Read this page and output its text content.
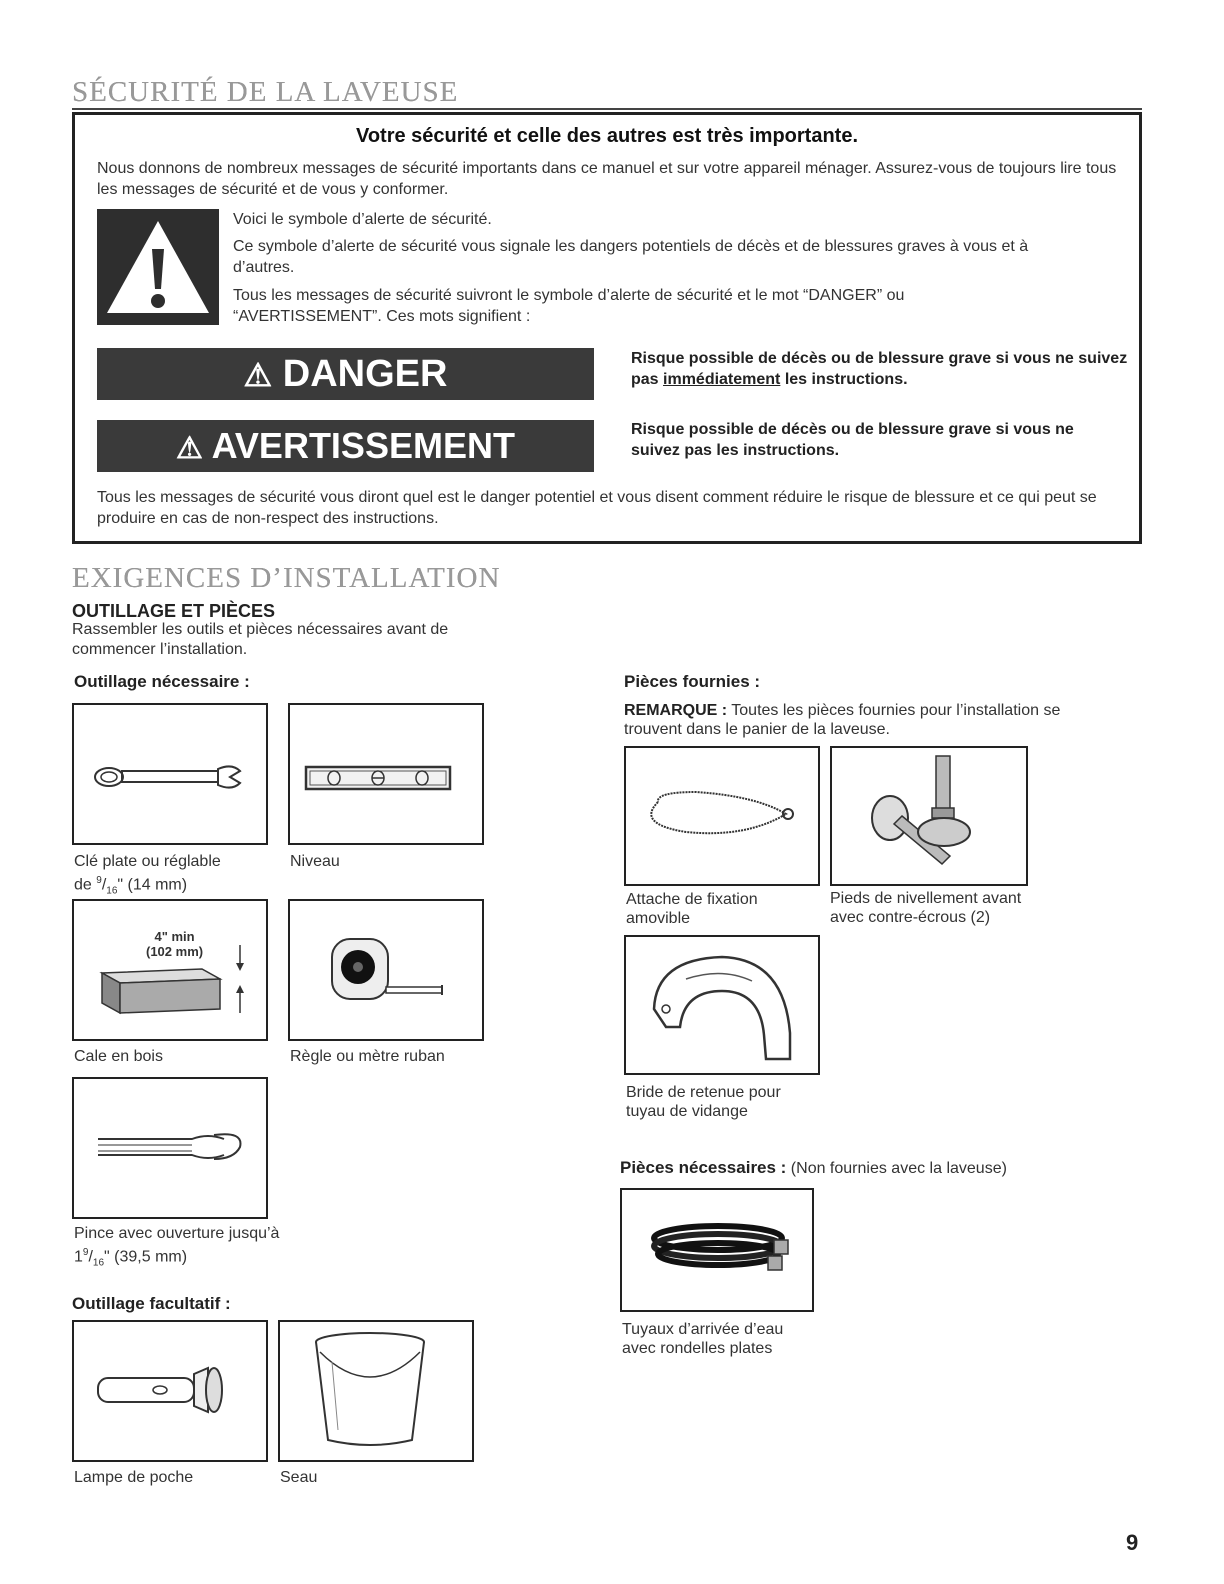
SÉCURITÉ DE LA LAVEUSE
Votre sécurité et celle des autres est très importante.
Nous donnons de nombreux messages de sécurité importants dans ce manuel et sur votre appareil ménager. Assurez-vous de toujours lire tous les messages de sécurité et de vous y conformer.
Voici le symbole d’alerte de sécurité.
Ce symbole d’alerte de sécurité vous signale les dangers potentiels de décès et de blessures graves à vous et à d’autres.
Tous les messages de sécurité suivront le symbole d’alerte de sécurité et le mot “DANGER” ou “AVERTISSEMENT”. Ces mots signifient :
⚠ DANGER	Risque possible de décès ou de blessure grave si vous ne suivez pas immédiatement les instructions.
⚠ AVERTISSEMENT	Risque possible de décès ou de blessure grave si vous ne suivez pas les instructions.
Tous les messages de sécurité vous diront quel est le danger potentiel et vous disent comment réduire le risque de blessure et ce qui peut se produire en cas de non-respect des instructions.
EXIGENCES D’INSTALLATION
OUTILLAGE ET PIÈCES
Rassembler les outils et pièces nécessaires avant de commencer l’installation.
Outillage nécessaire :
Clé plate ou réglable
de $^9/_{16}$" (14 mm)
Niveau
4" min
(102 mm)
Cale en bois	Règle ou mètre ruban
Pince avec ouverture jusqu’à
$1^9/_{16}$" (39,5 mm)
Outillage facultatif :
Lampe de poche	Seau
Pièces fournies :
REMARQUE : Toutes les pièces fournies pour l’installation se trouvent dans le panier de la laveuse.
Attache de fixation
amovible
Pieds de nivellement avant
avec contre-écrous (2)
Bride de retenue pour
tuyau de vidange
Pièces nécessaires : (Non fournies avec la laveuse)
Tuyaux d’arrivée d’eau
avec rondelles plates
9
